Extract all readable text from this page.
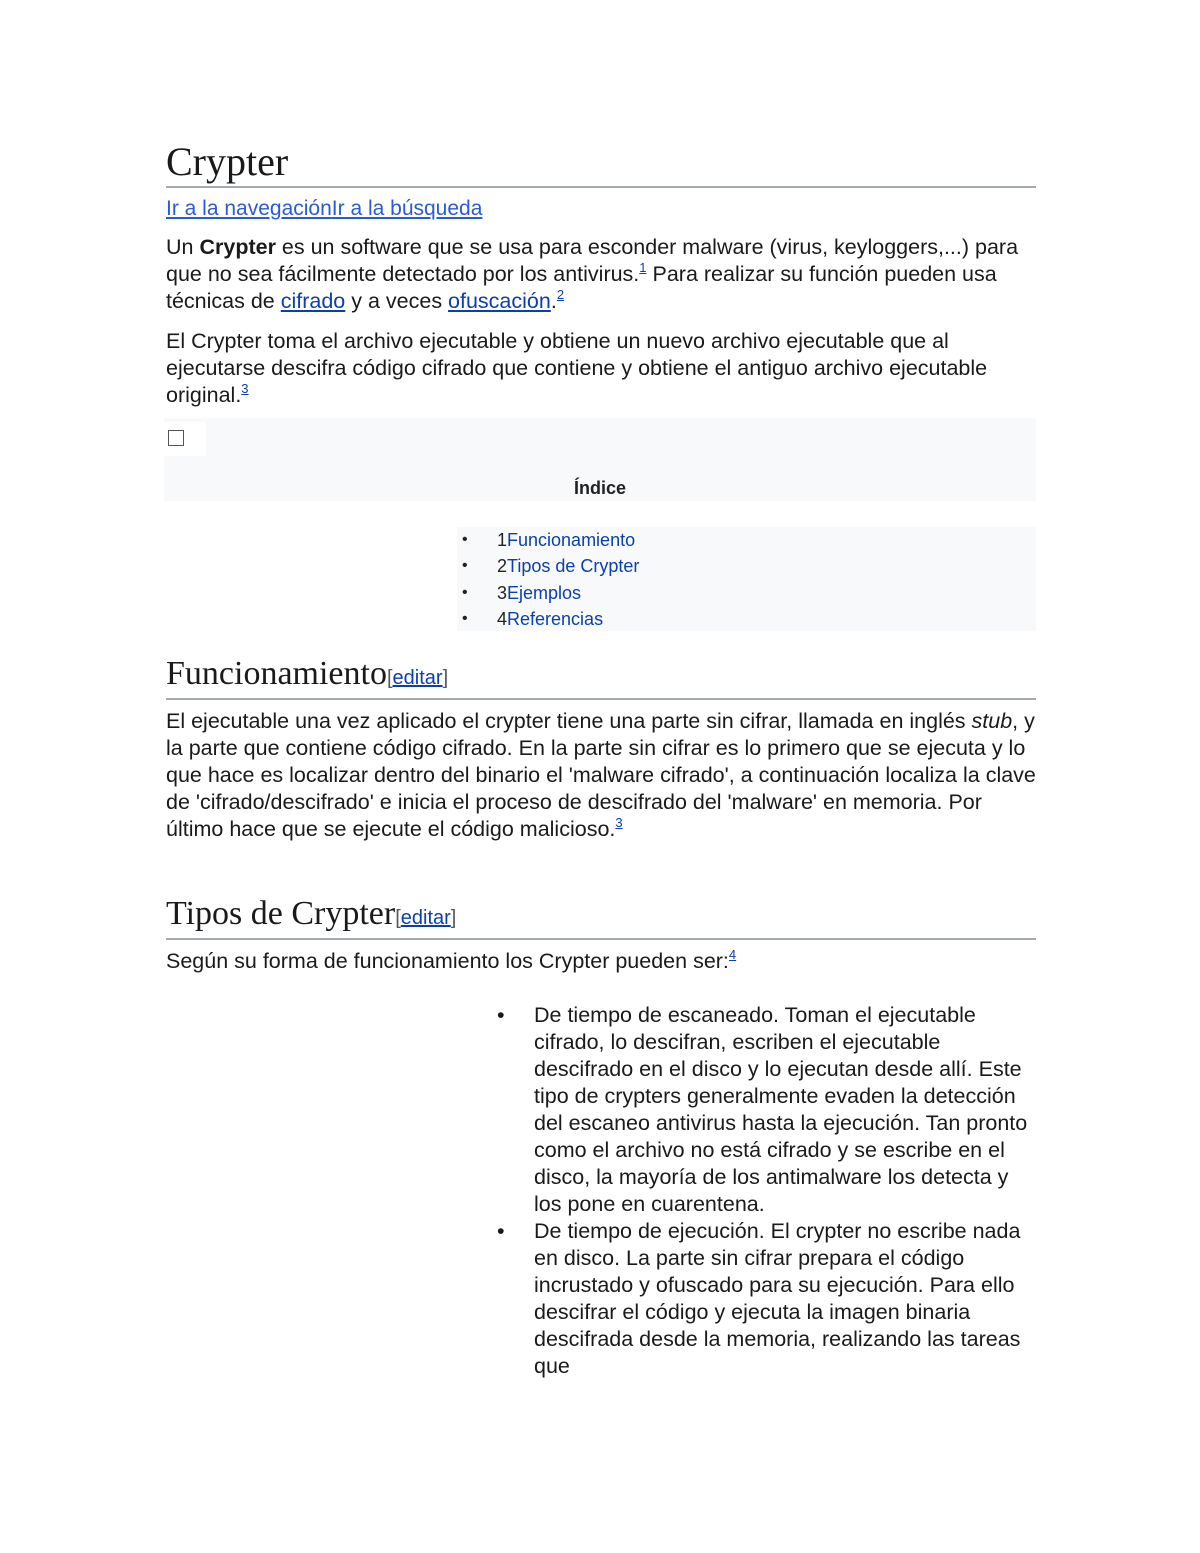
Crypter
Ir a la navegaciónIr a la búsqueda

Un Crypter es un software que se usa para esconder malware (virus, keyloggers,...) para que no sea fácilmente detectado por los antivirus.$^1$ Para realizar su función pueden usa técnicas de cifrado y a veces ofuscación.$^2$

El Crypter toma el archivo ejecutable y obtiene un nuevo archivo ejecutable que al ejecutarse descifra código cifrado que contiene y obtiene el antiguo archivo ejecutable original.$^3$

Índice
• 1Funcionamiento
• 2Tipos de Crypter
• 3Ejemplos
• 4Referencias
Funcionamiento[editar]

El ejecutable una vez aplicado el crypter tiene una parte sin cifrar, llamada en inglés stub, y la parte que contiene código cifrado. En la parte sin cifrar es lo primero que se ejecuta y lo que hace es localizar dentro del binario el 'malware cifrado', a continuación localiza la clave de 'cifrado/descifrado' e inicia el proceso de descifrado del 'malware' en memoria. Por último hace que se ejecute el código malicioso.$^3$

Tipos de Crypter[editar]

Según su forma de funcionamiento los Crypter pueden ser:$^4$

• De tiempo de escaneado. Toman el ejecutable cifrado, lo descifran, escriben el ejecutable descifrado en el disco y lo ejecutan desde allí. Este tipo de crypters generalmente evaden la detección del escaneo antivirus hasta la ejecución. Tan pronto como el archivo no está cifrado y se escribe en el disco, la mayoría de los antimalware los detecta y los pone en cuarentena.
• De tiempo de ejecución. El crypter no escribe nada en disco. La parte sin cifrar prepara el código incrustado y ofuscado para su ejecución. Para ello descifrar el código y ejecuta la imagen binaria descifrada desde la memoria, realizando las tareas que
